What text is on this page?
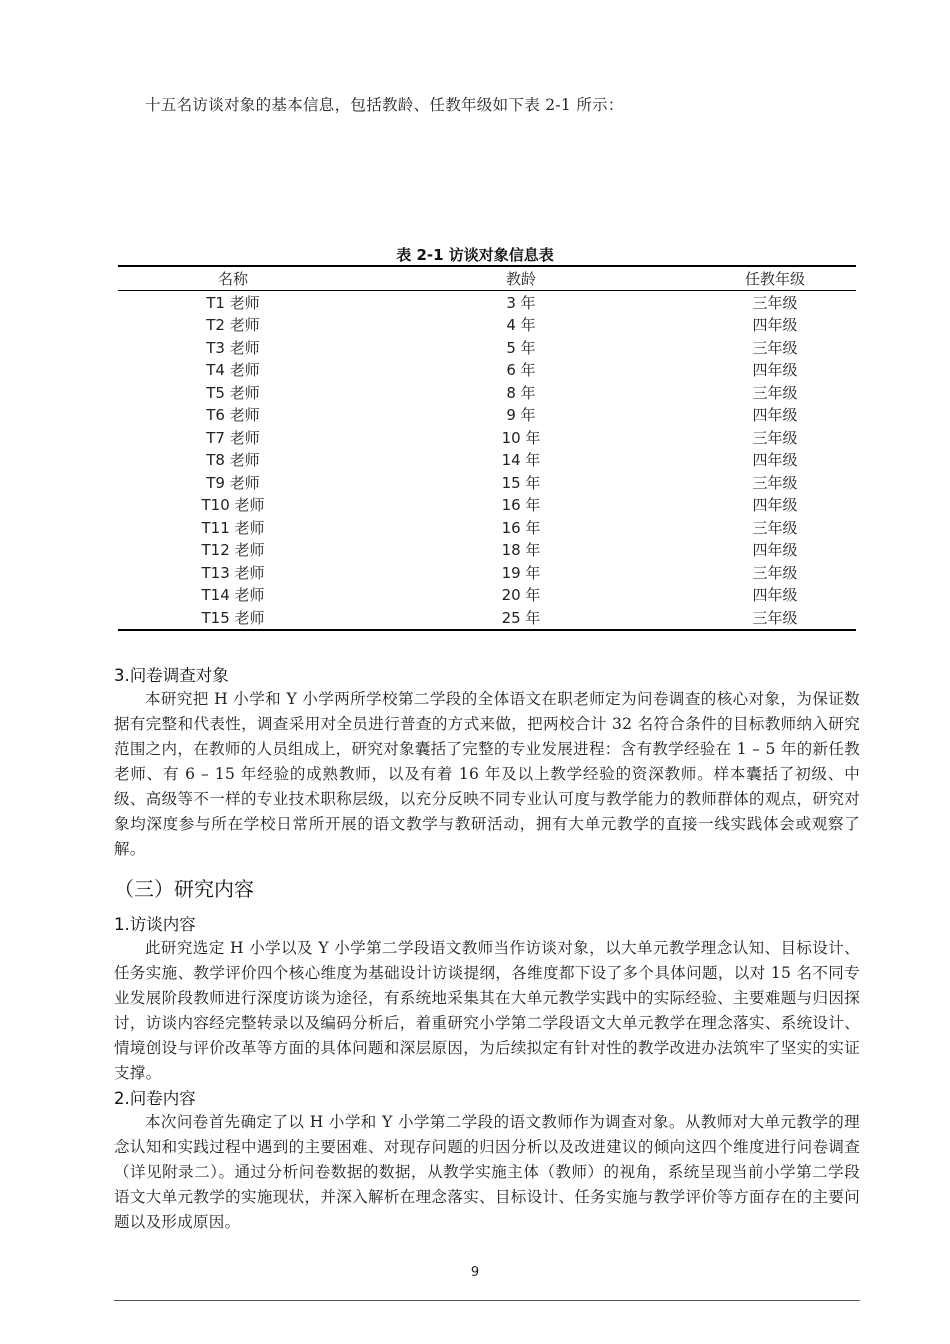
十五名访谈对象的基本信息，包括教龄、任教年级如下表 2-1 所示：
表 2-1 访谈对象信息表
名称	教龄	任教年级
T1 老师	3 年	三年级
T2 老师	4 年	四年级
T3 老师	5 年	三年级
T4 老师	6 年	四年级
T5 老师	8 年	三年级
T6 老师	9 年	四年级
T7 老师	10 年	三年级
T8 老师	14 年	四年级
T9 老师	15 年	三年级
T10 老师	16 年	四年级
T11 老师	16 年	三年级
T12 老师	18 年	四年级
T13 老师	19 年	三年级
T14 老师	20 年	四年级
T15 老师	25 年	三年级
3.问卷调查对象
本研究把 H 小学和 Y 小学两所学校第二学段的全体语文在职老师定为问卷调查的核心对象，为保证数据有完整和代表性，调查采用对全员进行普查的方式来做，把两校合计 32 名符合条件的目标教师纳入研究范围之内，在教师的人员组成上，研究对象囊括了完整的专业发展进程：含有教学经验在 1 – 5 年的新任教老师、有 6 – 15 年经验的成熟教师，以及有着 16 年及以上教学经验的资深教师。样本囊括了初级、中级、高级等不一样的专业技术职称层级，以充分反映不同专业认可度与教学能力的教师群体的观点，研究对象均深度参与所在学校日常所开展的语文教学与教研活动，拥有大单元教学的直接一线实践体会或观察了解。
（三）研究内容
1.访谈内容
此研究选定 H 小学以及 Y 小学第二学段语文教师当作访谈对象，以大单元教学理念认知、目标设计、任务实施、教学评价四个核心维度为基础设计访谈提纲，各维度都下设了多个具体问题，以对 15 名不同专业发展阶段教师进行深度访谈为途径，有系统地采集其在大单元教学实践中的实际经验、主要难题与归因探讨，访谈内容经完整转录以及编码分析后，着重研究小学第二学段语文大单元教学在理念落实、系统设计、情境创设与评价改革等方面的具体问题和深层原因，为后续拟定有针对性的教学改进办法筑牢了坚实的实证支撑。
2.问卷内容
本次问卷首先确定了以 H 小学和 Y 小学第二学段的语文教师作为调查对象。从教师对大单元教学的理念认知和实践过程中遇到的主要困难、对现存问题的归因分析以及改进建议的倾向这四个维度进行问卷调查（详见附录二）。通过分析问卷数据的数据，从教学实施主体（教师）的视角，系统呈现当前小学第二学段语文大单元教学的实施现状，并深入解析在理念落实、目标设计、任务实施与教学评价等方面存在的主要问题以及形成原因。
9
